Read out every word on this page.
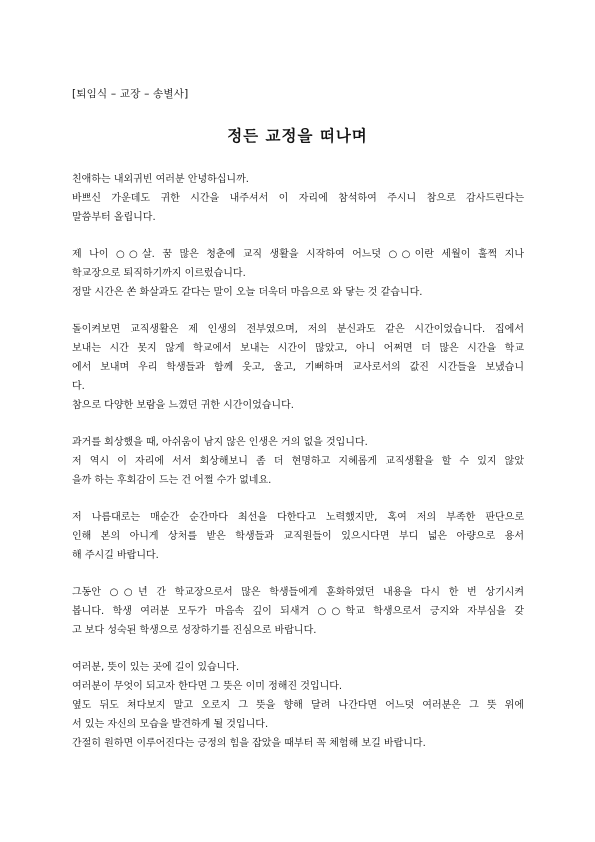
[퇴임식 – 교장 – 송별사]
정든 교정을 떠나며
친애하는 내외귀빈 여러분 안녕하십니까.
바쁘신 가운데도 귀한 시간을 내주셔서 이 자리에 참석하여 주시니 참으로 감사드린다는
말씀부터 올립니다.
제 나이 ○○살. 꿈 많은 청춘에 교직 생활을 시작하여 어느덧 ○○이란 세월이 훌쩍 지나
학교장으로 퇴직하기까지 이르렀습니다.
정말 시간은 쏜 화살과도 같다는 말이 오늘 더욱더 마음으로 와 닿는 것 같습니다.
돌이켜보면 교직생활은 제 인생의 전부였으며, 저의 분신과도 같은 시간이었습니다. 집에서
보내는 시간 못지 않게 학교에서 보내는 시간이 많았고, 아니 어쩌면 더 많은 시간을 학교
에서 보내며 우리 학생들과 함께 웃고, 울고, 기뻐하며 교사로서의 값진 시간들을 보냈습니
다.
참으로 다양한 보람을 느꼈던 귀한 시간이었습니다.
과거를 회상했을 때, 아쉬움이 남지 않은 인생은 거의 없을 것입니다.
저 역시 이 자리에 서서 회상해보니 좀 더 현명하고 지혜롭게 교직생활을 할 수 있지 않았
을까 하는 후회감이 드는 건 어쩔 수가 없네요.
저 나름대로는 매순간 순간마다 최선을 다한다고 노력했지만, 혹여 저의 부족한 판단으로
인해 본의 아니게 상처를 받은 학생들과 교직원들이 있으시다면 부디 넓은 아량으로 용서
해 주시길 바랍니다.
그동안 ○○년 간 학교장으로서 많은 학생들에게 훈화하였던 내용을 다시 한 번 상기시켜
봅니다. 학생 여러분 모두가 마음속 깊이 되새겨 ○○학교 학생으로서 긍지와 자부심을 갖
고 보다 성숙된 학생으로 성장하기를 진심으로 바랍니다.
여러분, 뜻이 있는 곳에 길이 있습니다.
여러분이 무엇이 되고자 한다면 그 뜻은 이미 정해진 것입니다.
옆도 뒤도 쳐다보지 말고 오로지 그 뜻을 향해 달려 나간다면 어느덧 여러분은 그 뜻 위에
서 있는 자신의 모습을 발견하게 될 것입니다.
간절히 원하면 이루어진다는 긍정의 힘을 잡았을 때부터 꼭 체험해 보길 바랍니다.
